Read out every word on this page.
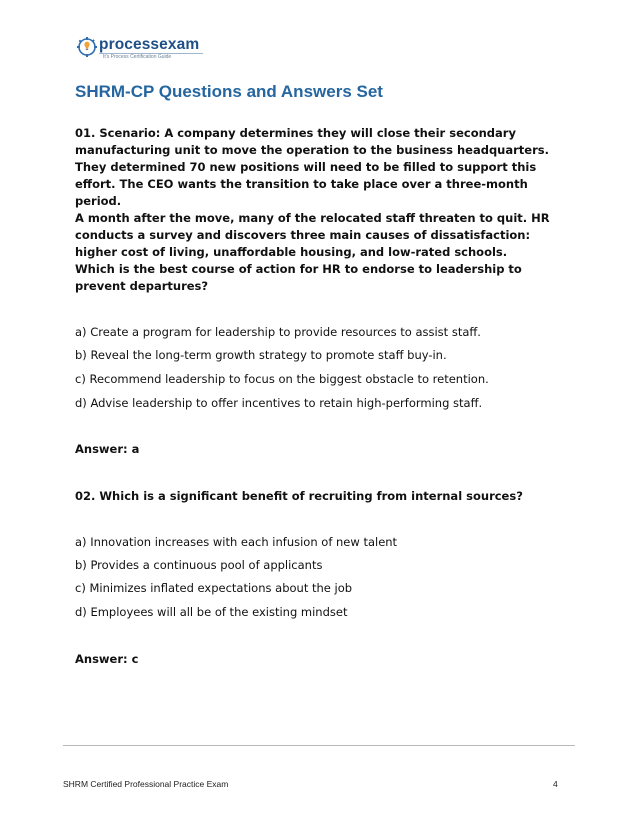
processexam
It's Process Certification Guide
SHRM-CP Questions and Answers Set

01. Scenario: A company determines they will close their secondary manufacturing unit to move the operation to the business headquarters. They determined 70 new positions will need to be filled to support this effort. The CEO wants the transition to take place over a three-month period.

A month after the move, many of the relocated staff threaten to quit. HR conducts a survey and discovers three main causes of dissatisfaction: higher cost of living, unaffordable housing, and low-rated schools.

Which is the best course of action for HR to endorse to leadership to prevent departures?

a) Create a program for leadership to provide resources to assist staff.
b) Reveal the long-term growth strategy to promote staff buy-in.
c) Recommend leadership to focus on the biggest obstacle to retention.
d) Advise leadership to offer incentives to retain high-performing staff.
Answer: a
02. Which is a significant benefit of recruiting from internal sources?
a) Innovation increases with each infusion of new talent
b) Provides a continuous pool of applicants
c) Minimizes inflated expectations about the job
d) Employees will all be of the existing mindset
Answer: c
SHRM Certified Professional Practice Exam	4
